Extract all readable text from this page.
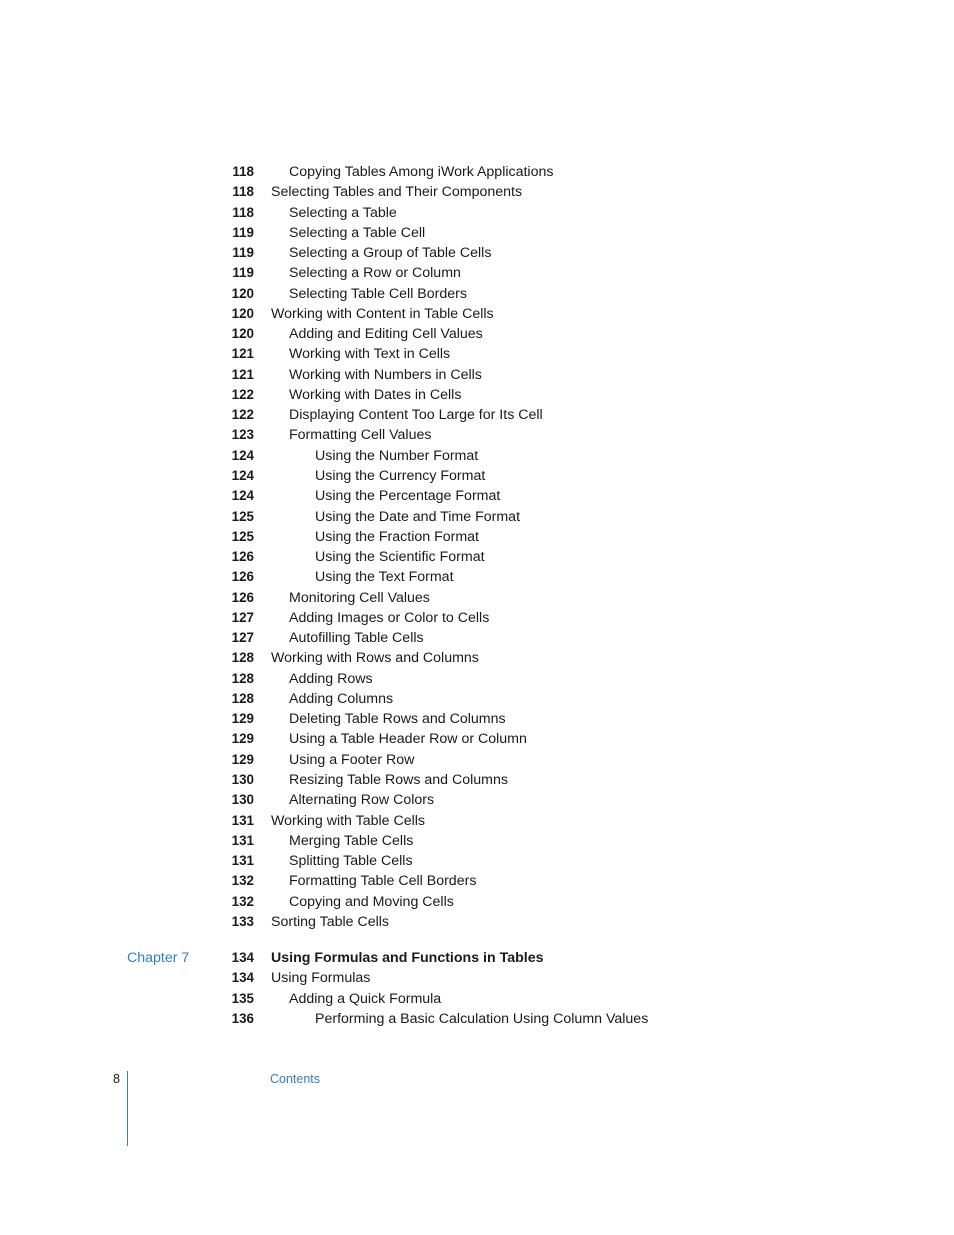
118 Copying Tables Among iWork Applications
118 Selecting Tables and Their Components
118 Selecting a Table
119 Selecting a Table Cell
119 Selecting a Group of Table Cells
119 Selecting a Row or Column
120 Selecting Table Cell Borders
120 Working with Content in Table Cells
120 Adding and Editing Cell Values
121 Working with Text in Cells
121 Working with Numbers in Cells
122 Working with Dates in Cells
122 Displaying Content Too Large for Its Cell
123 Formatting Cell Values
124	Using the Number Format
124	Using the Currency Format
124	Using the Percentage Format
125	Using the Date and Time Format
125	Using the Fraction Format
126	Using the Scientific Format
126	Using the Text Format
126 Monitoring Cell Values
127 Adding Images or Color to Cells
127 Autofilling Table Cells
128 Working with Rows and Columns
128 Adding Rows
128 Adding Columns
129 Deleting Table Rows and Columns
129 Using a Table Header Row or Column
129 Using a Footer Row
130 Resizing Table Rows and Columns
130 Alternating Row Colors
131 Working with Table Cells
131 Merging Table Cells
131 Splitting Table Cells
132 Formatting Table Cell Borders
132 Copying and Moving Cells
133 Sorting Table Cells
Chapter 7	134 Using Formulas and Functions in Tables
134 Using Formulas
135 Adding a Quick Formula
136	Performing a Basic Calculation Using Column Values
8	Contents
